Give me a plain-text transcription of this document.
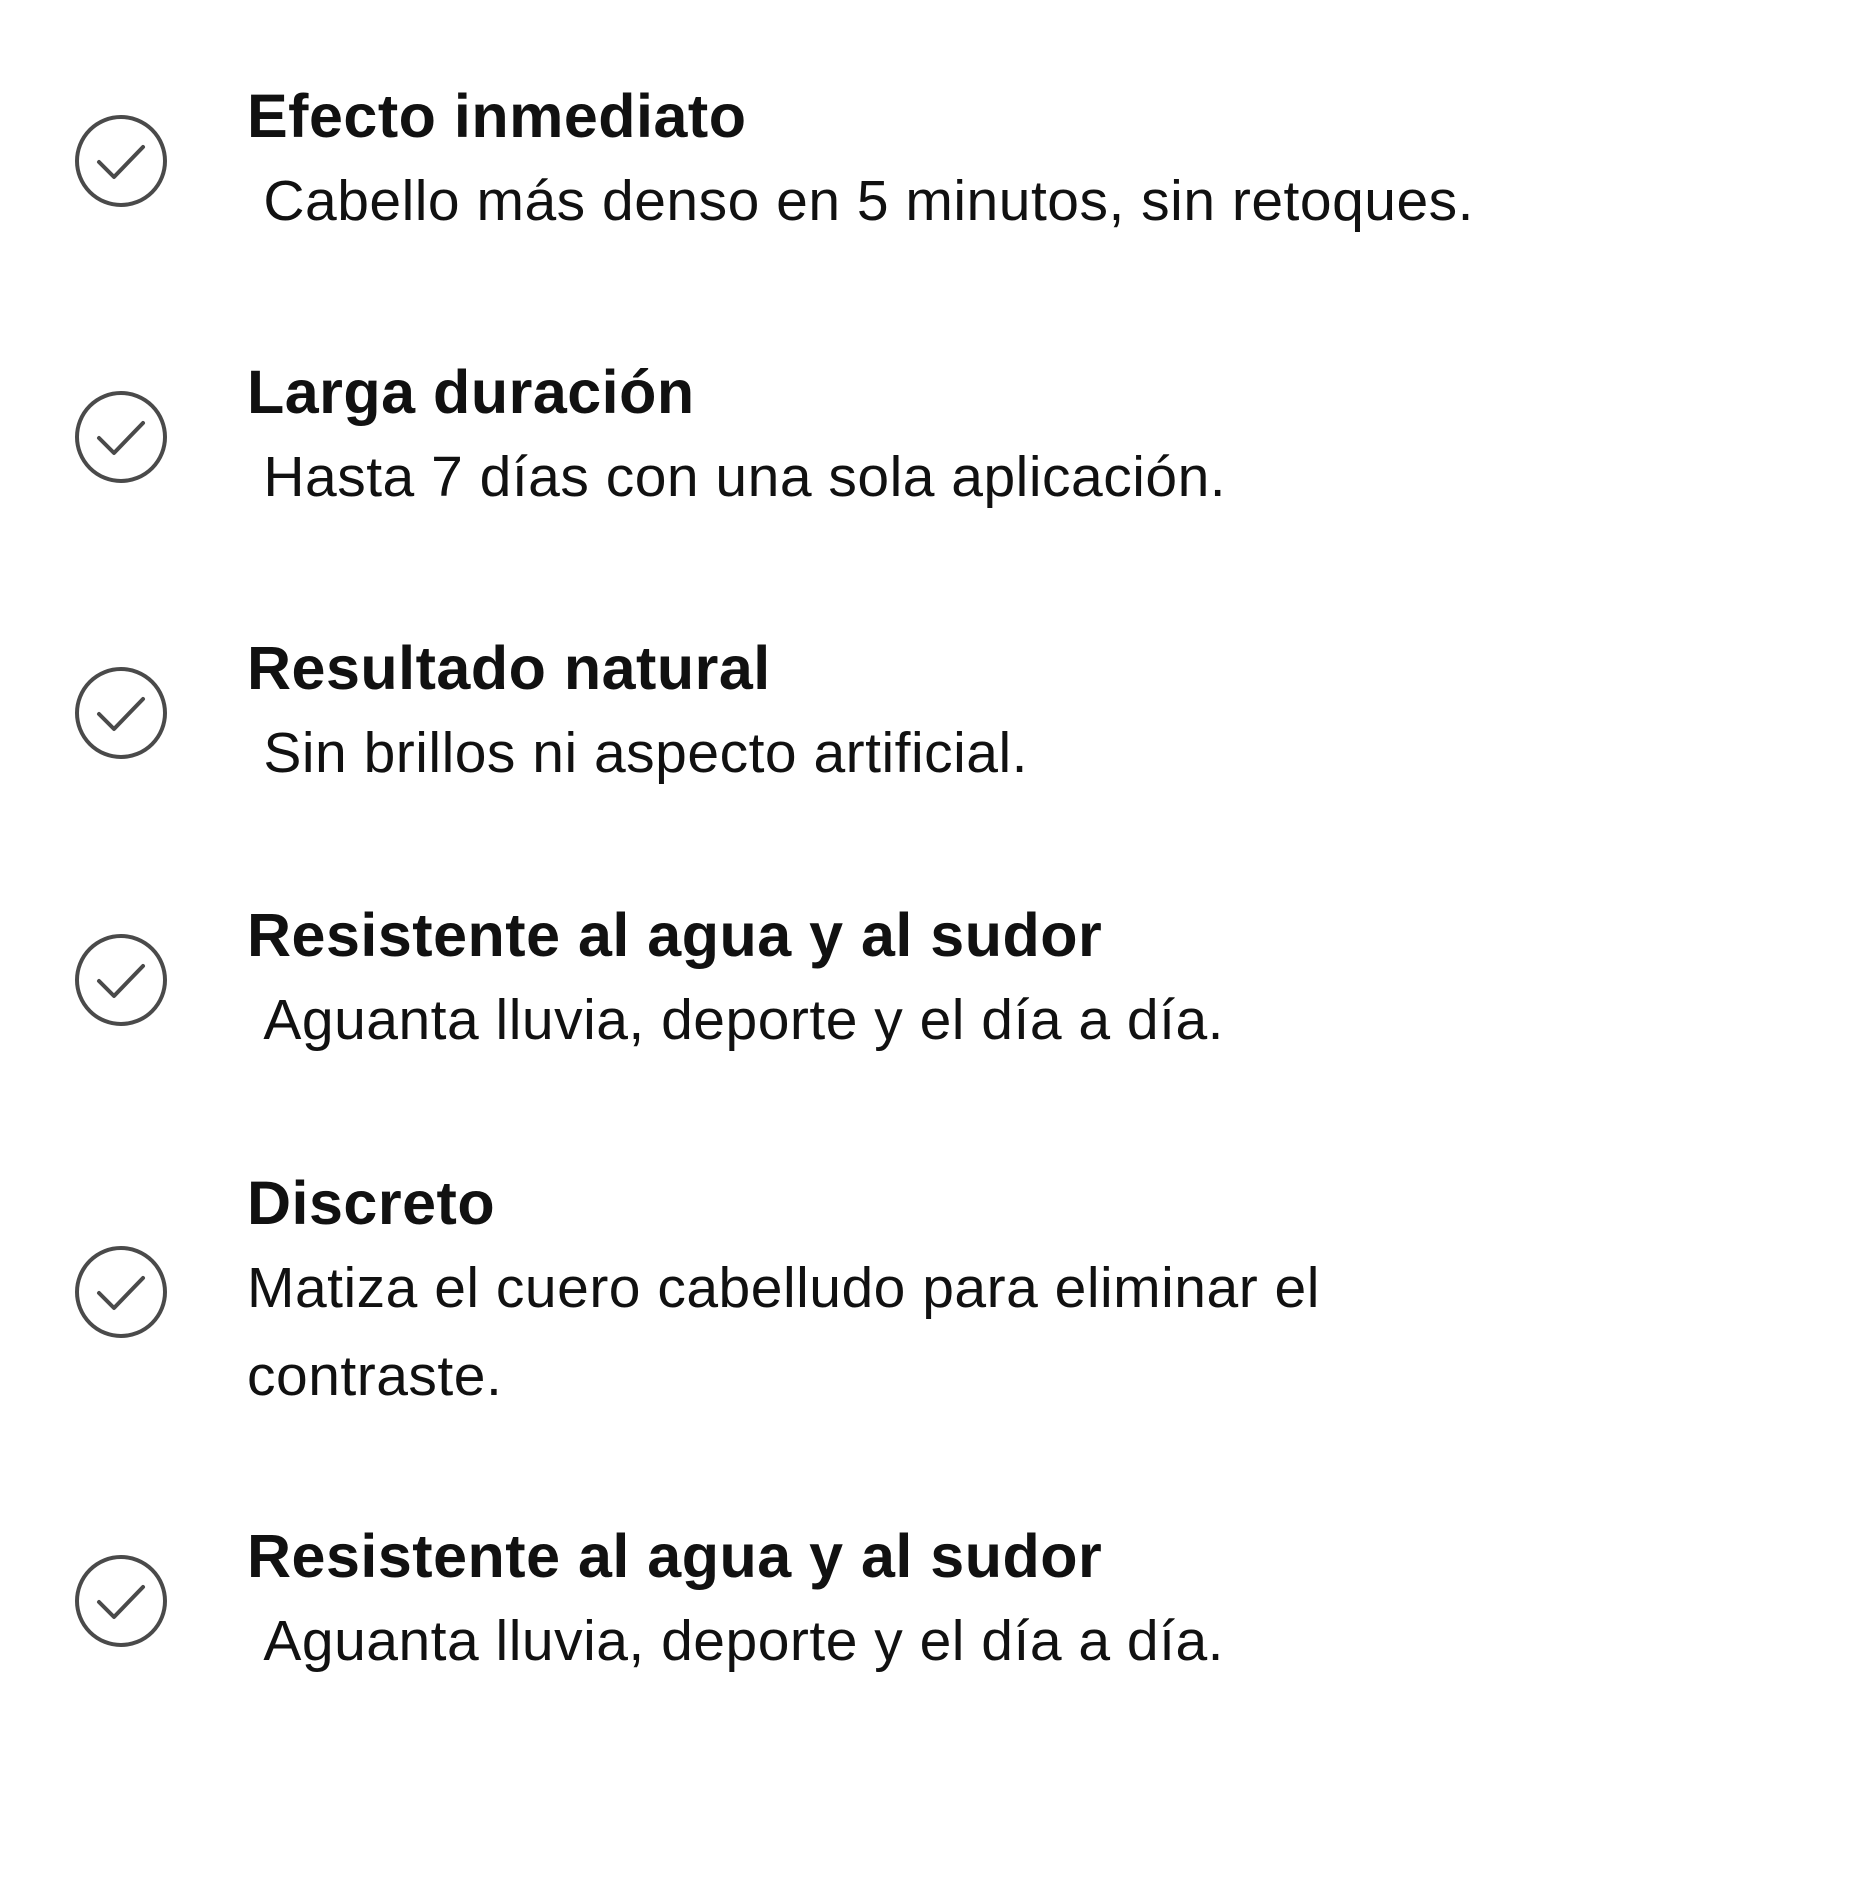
Efecto inmediato
Cabello más denso en 5 minutos, sin retoques.
Larga duración
Hasta 7 días con una sola aplicación.
Resultado natural
Sin brillos ni aspecto artificial.
Resistente al agua y al sudor
Aguanta lluvia, deporte y el día a día.
Discreto
Matiza el cuero cabelludo para eliminar el contraste.
Resistente al agua y al sudor
Aguanta lluvia, deporte y el día a día.
